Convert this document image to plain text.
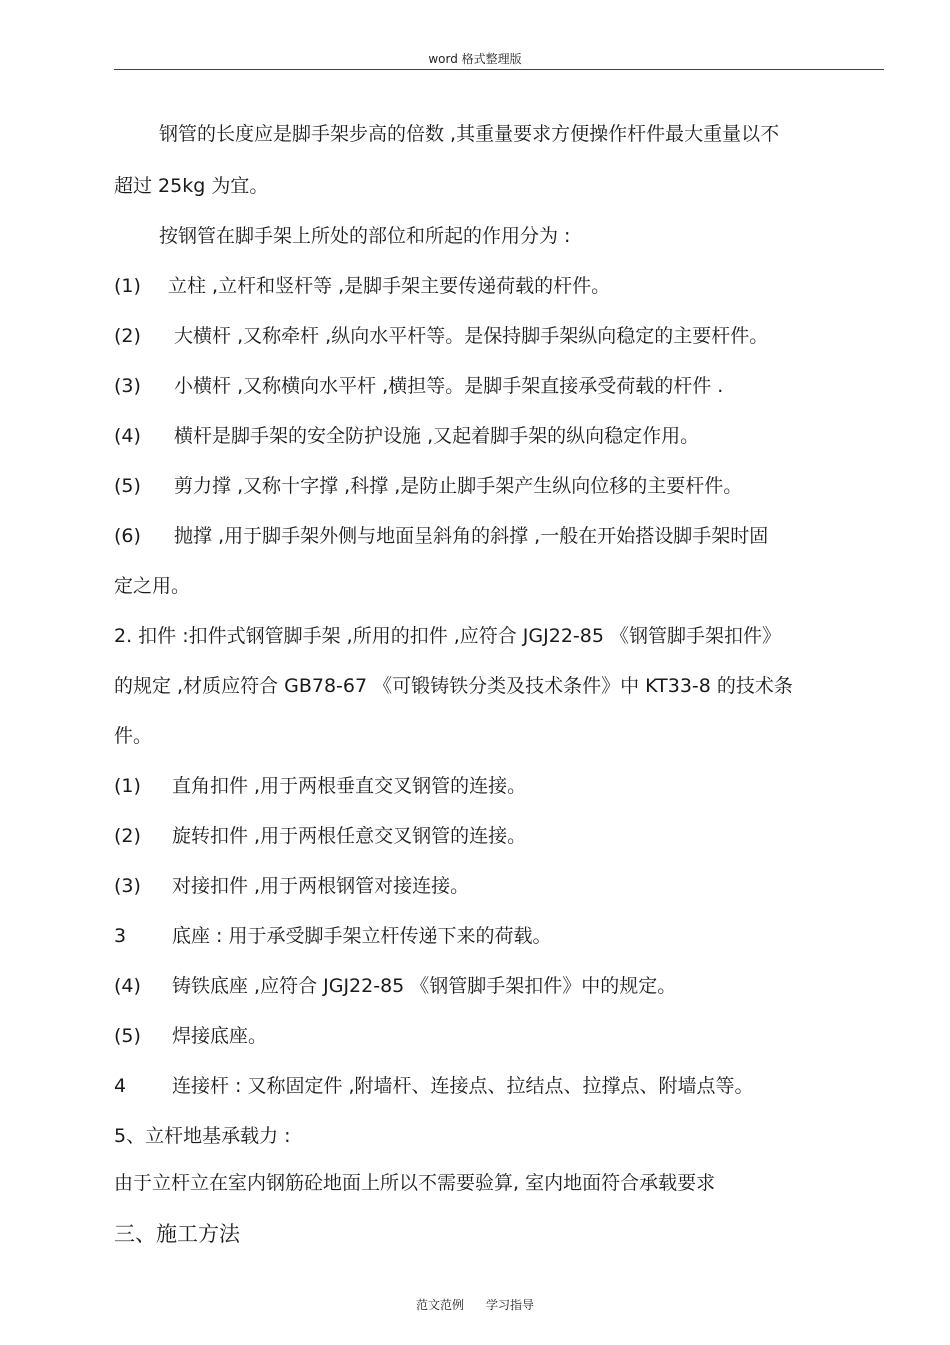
word 格式整理版
钢管的长度应是脚手架步高的倍数 ,其重量要求方便操作杆件最大重量以不
超过 25kg 为宜。
按钢管在脚手架上所处的部位和所起的作用分为 :
(1) 立柱 ,立杆和竖杆等 ,是脚手架主要传递荷载的杆件。
(2) 大横杆 ,又称牵杆 ,纵向水平杆等。是保持脚手架纵向稳定的主要杆件。
(3) 小横杆 ,又称横向水平杆 ,横担等。是脚手架直接承受荷载的杆件 .
(4) 横杆是脚手架的安全防护设施 ,又起着脚手架的纵向稳定作用。
(5) 剪力撑 ,又称十字撑 ,科撑 ,是防止脚手架产生纵向位移的主要杆件。
(6) 抛撑 ,用于脚手架外侧与地面呈斜角的斜撑 ,一般在开始搭设脚手架时固
定之用。
2. 扣件 :扣件式钢管脚手架 ,所用的扣件 ,应符合 JGJ22-85 《钢管脚手架扣件》
的规定 ,材质应符合 GB78-67 《可锻铸铁分类及技术条件》中 KT33-8 的技术条
件。
(1) 直角扣件 ,用于两根垂直交叉钢管的连接。
(2) 旋转扣件 ,用于两根任意交叉钢管的连接。
(3) 对接扣件 ,用于两根钢管对接连接。
3 底座 : 用于承受脚手架立杆传递下来的荷载。
(4) 铸铁底座 ,应符合 JGJ22-85 《钢管脚手架扣件》中的规定。
(5) 焊接底座。
4 连接杆 : 又称固定件 ,附墙杆、连接点、拉结点、拉撑点、附墙点等。
5、立杆地基承载力 :
由于立杆立在室内钢筋砼地面上所以不需要验算, 室内地面符合承载要求
三、施工方法
范文范例 学习指导
